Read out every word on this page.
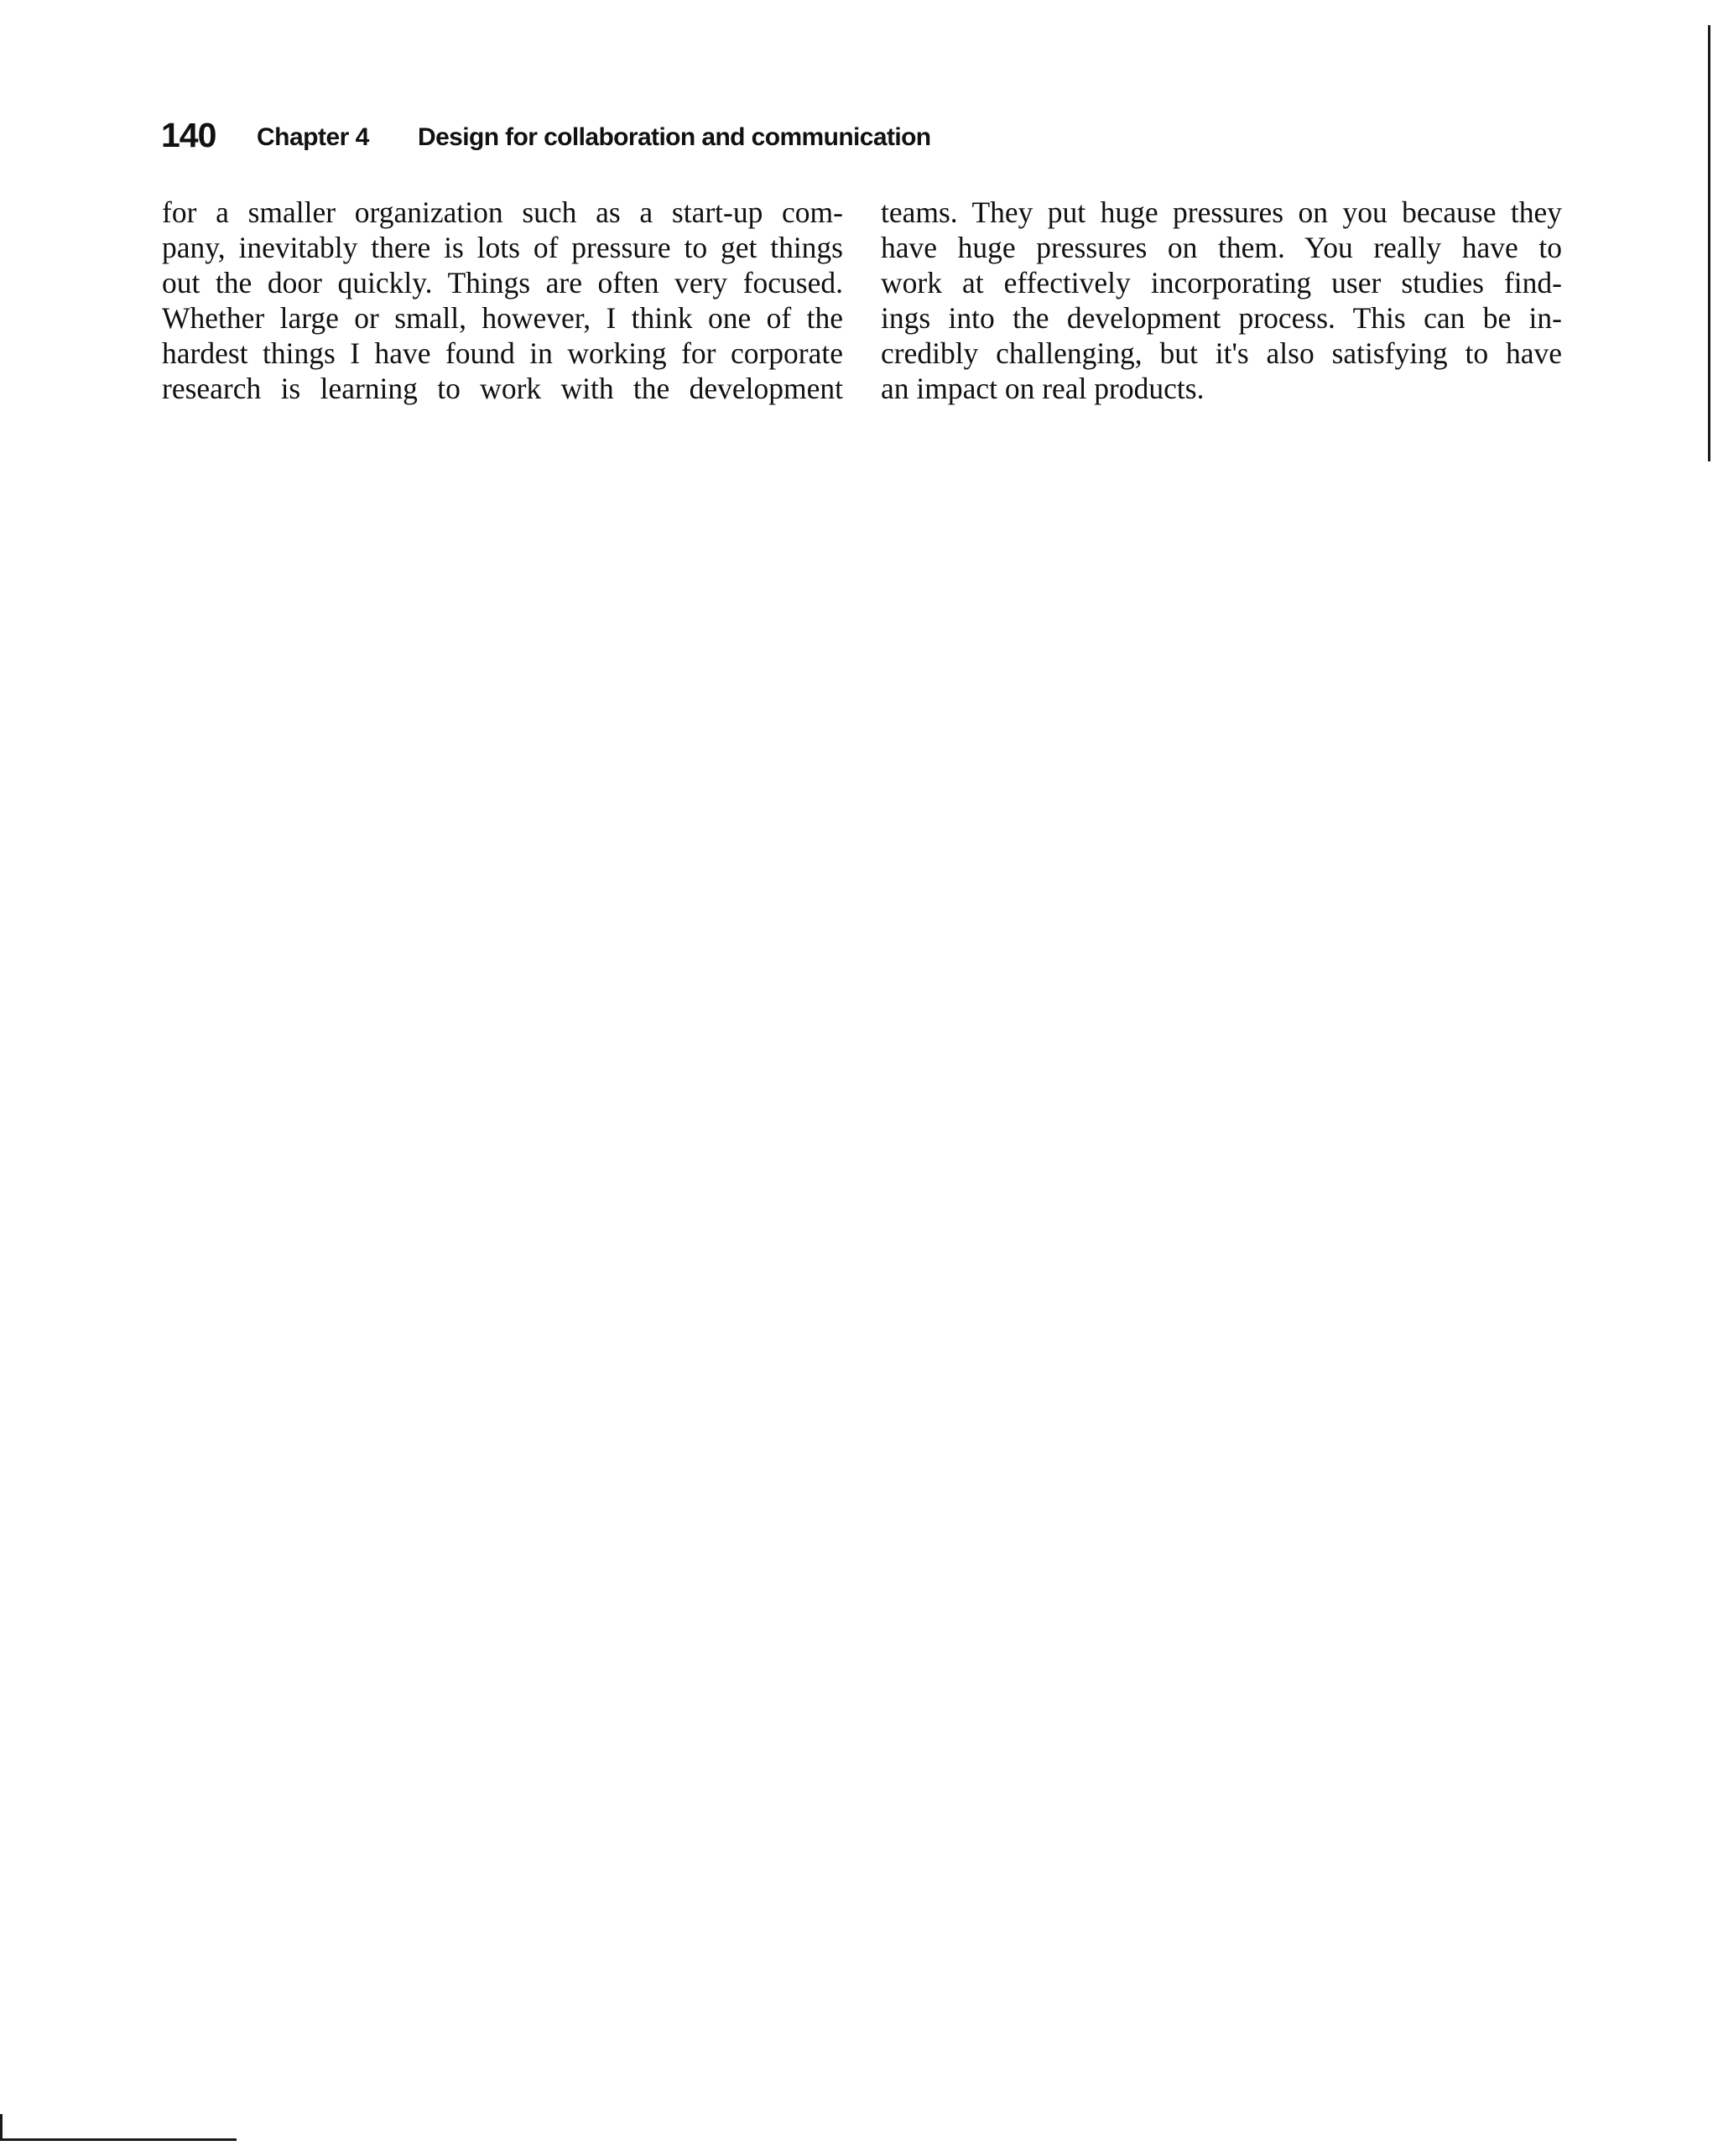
140 Chapter 4 Design for collaboration and communication
for a smaller organization such as a start-up com-
pany, inevitably there is lots of pressure to get things
out the door quickly. Things are often very focused.
Whether large or small, however, I think one of the
hardest things I have found in working for corporate
research is learning to work with the development
teams. They put huge pressures on you because they
have huge pressures on them. You really have to
work at effectively incorporating user studies find-
ings into the development process. This can be in-
credibly challenging, but it's also satisfying to have
an impact on real products.
